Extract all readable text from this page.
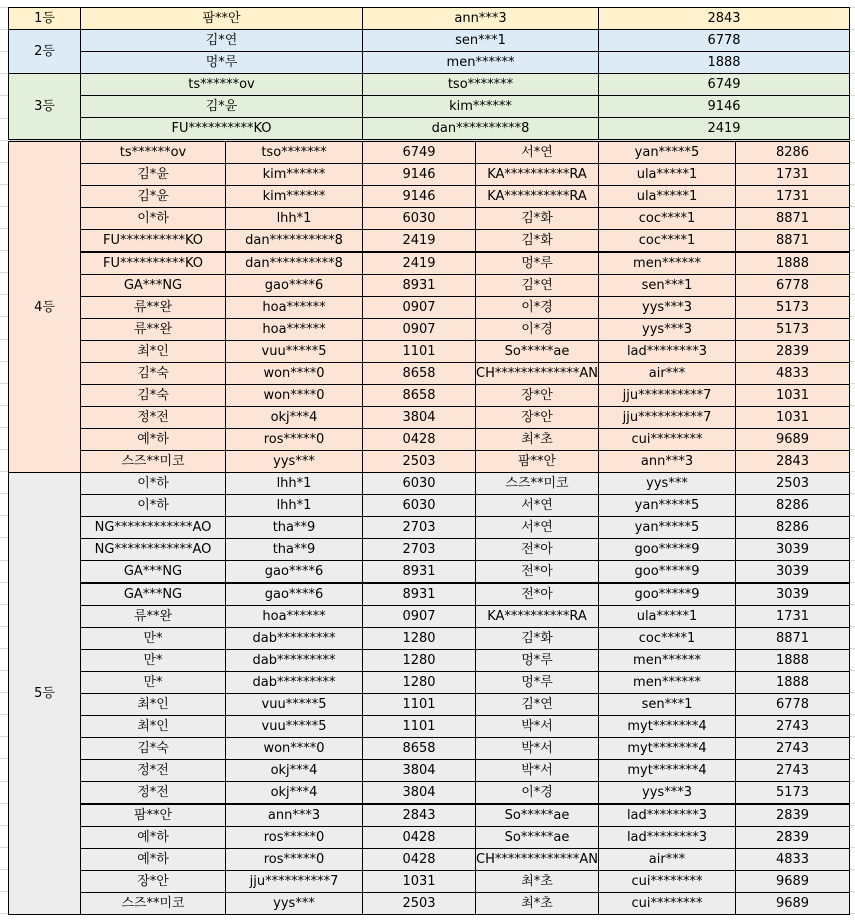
1등	팜**안	ann***3	2843
2등
김*연	sen***1	6778
멍*루	men******	1888
3등
ts******ov	tso*******	6749
김*윤	kim******	9146
FU**********KO	dan**********8	2419
4등
ts******ov	tso*******	6749	서*연	yan*****5	8286
김*윤	kim******	9146	KA**********RA	ula*****1	1731
김*윤	kim******	9146	KA**********RA	ula*****1	1731
이*하	lhh*1	6030	김*화	coc****1	8871
FU**********KO	dan**********8	2419	김*화	coc****1	8871
FU**********KO	dan**********8	2419	멍*루	men******	1888
GA***NG	gao****6	8931	김*연	sen***1	6778
류**완	hoa******	0907	이*경	yys***3	5173
류**완	hoa******	0907	이*경	yys***3	5173
최*인	vuu*****5	1101	So*****ae	lad********3	2839
김*숙	won****0	8658	CH*************AN	air***	4833
김*숙	won****0	8658	장*안	jju**********7	1031
정*전	okj***4	3804	장*안	jju**********7	1031
예*하	ros*****0	0428	최*초	cui********	9689
스즈**미코	yys***	2503	팜**안	ann***3	2843
5등
이*하	lhh*1	6030	스즈**미코	yys***	2503
이*하	lhh*1	6030	서*연	yan*****5	8286
NG************AO	tha**9	2703	서*연	yan*****5	8286
NG************AO	tha**9	2703	전*아	goo*****9	3039
GA***NG	gao****6	8931	전*아	goo*****9	3039
GA***NG	gao****6	8931	전*아	goo*****9	3039
류**완	hoa******	0907	KA**********RA	ula*****1	1731
만*	dab*********	1280	김*화	coc****1	8871
만*	dab*********	1280	멍*루	men******	1888
만*	dab*********	1280	멍*루	men******	1888
최*인	vuu*****5	1101	김*연	sen***1	6778
최*인	vuu*****5	1101	박*서	myt*******4	2743
김*숙	won****0	8658	박*서	myt*******4	2743
정*전	okj***4	3804	박*서	myt*******4	2743
정*전	okj***4	3804	이*경	yys***3	5173
팜**안	ann***3	2843	So*****ae	lad********3	2839
예*하	ros*****0	0428	So*****ae	lad********3	2839
예*하	ros*****0	0428	CH*************AN	air***	4833
장*안	jju**********7	1031	최*초	cui********	9689
스즈**미코	yys***	2503	최*초	cui********	9689
